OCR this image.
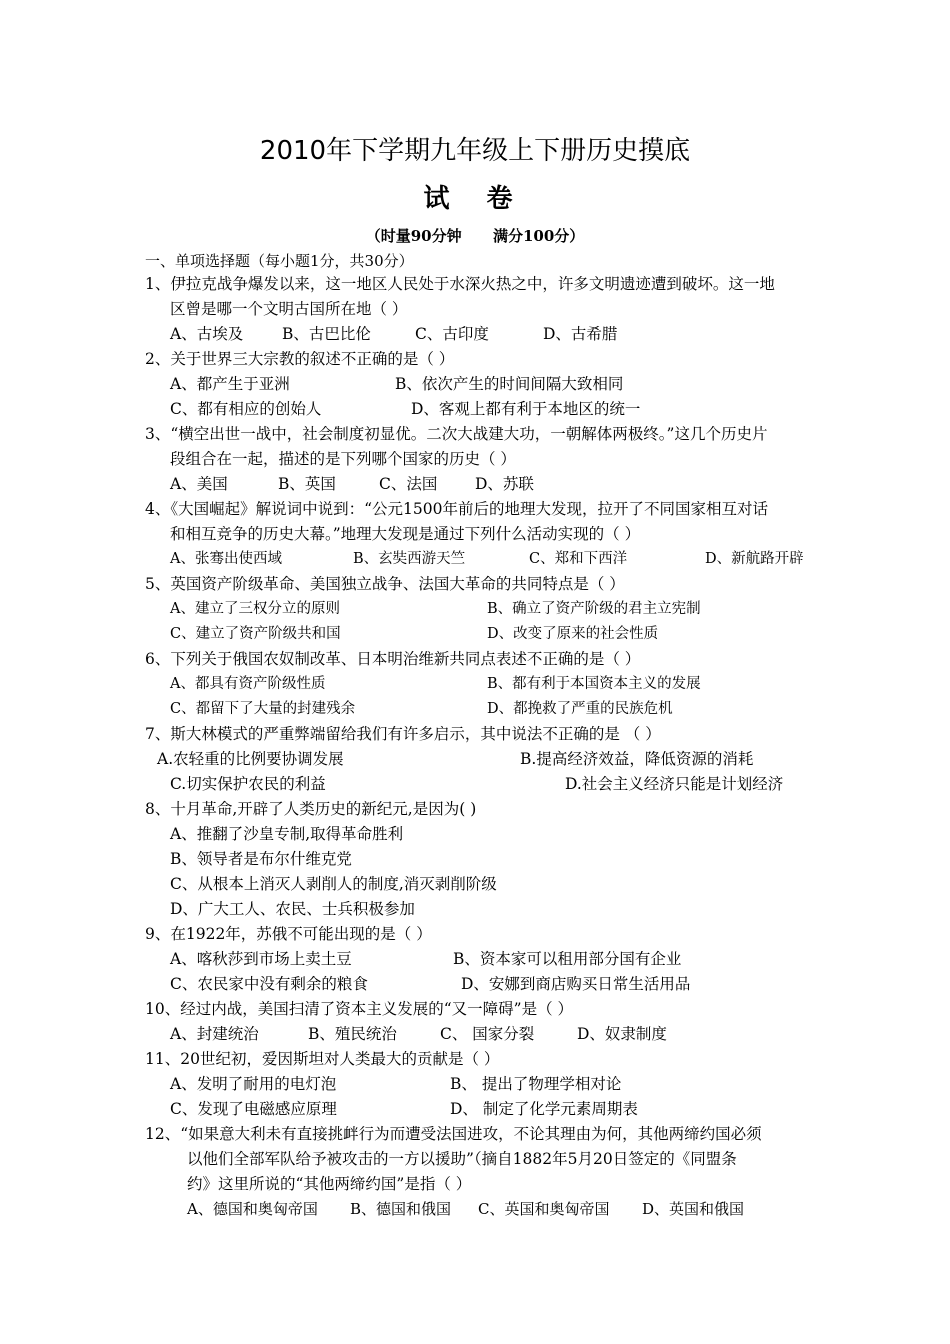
2010年下学期九年级上下册历史摸底
试 卷
（时量90分钟      满分100分）
一、单项选择题（每小题1分，共30分）
1、伊拉克战争爆发以来，这一地区人民处于水深火热之中，许多文明遗迹遭到破坏。这一地
区曾是哪一个文明古国所在地（ ）
A、古埃及	B、古巴比伦	C、古印度	D、古希腊
2、关于世界三大宗教的叙述不正确的是（ ）
A、都产生于亚洲	B、依次产生的时间间隔大致相同
C、都有相应的创始人	D、客观上都有利于本地区的统一
3、“横空出世一战中，社会制度初显优。二次大战建大功，一朝解体两极终。”这几个历史片
段组合在一起，描述的是下列哪个国家的历史（ ）
A、美国	B、英国	C、法国 D、苏联
4、《大国崛起》解说词中说到：“公元1500年前后的地理大发现，拉开了不同国家相互对话
和相互竞争的历史大幕。”地理大发现是通过下列什么活动实现的（ ）
A、张骞出使西域	B、玄奘西游天竺	C、郑和下西洋	D、新航路开辟
5、英国资产阶级革命、美国独立战争、法国大革命的共同特点是（ ）
A、建立了三权分立的原则	B、确立了资产阶级的君主立宪制
C、建立了资产阶级共和国	D、改变了原来的社会性质
6、下列关于俄国农奴制改革、日本明治维新共同点表述不正确的是（ ）
A、都具有资产阶级性质	B、都有利于本国资本主义的发展
C、都留下了大量的封建残余	D、都挽救了严重的民族危机
7、斯大林模式的严重弊端留给我们有许多启示，其中说法不正确的是 （ ）
A.农轻重的比例要协调发展	B.提高经济效益，降低资源的消耗
C.切实保护农民的利益	D.社会主义经济只能是计划经济
8、十月革命,开辟了人类历史的新纪元,是因为( )
A、推翻了沙皇专制,取得革命胜利
B、领导者是布尔什维克党
C、从根本上消灭人剥削人的制度,消灭剥削阶级
D、广大工人、农民、士兵积极参加
9、在1922年，苏俄不可能出现的是（ ）
A、喀秋莎到市场上卖土豆	B、资本家可以租用部分国有企业
C、农民家中没有剩余的粮食	D、安娜到商店购买日常生活用品
10、经过内战，美国扫清了资本主义发展的“又一障碍”是（ ）
A、封建统治	B、殖民统治	C、 国家分裂	D、奴隶制度
11、20世纪初，爱因斯坦对人类最大的贡献是（ ）
A、发明了耐用的电灯泡	B、 提出了物理学相对论
C、发现了电磁感应原理	D、 制定了化学元素周期表
12、“如果意大利未有直接挑衅行为而遭受法国进攻，不论其理由为何，其他两缔约国必须
以他们全部军队给予被攻击的一方以援助”（摘自1882年5月20日签定的《同盟条
约》这里所说的“其他两缔约国”是指（ ）
A、德国和奥匈帝国 B、德国和俄国 C、英国和奥匈帝国 D、英国和俄国
